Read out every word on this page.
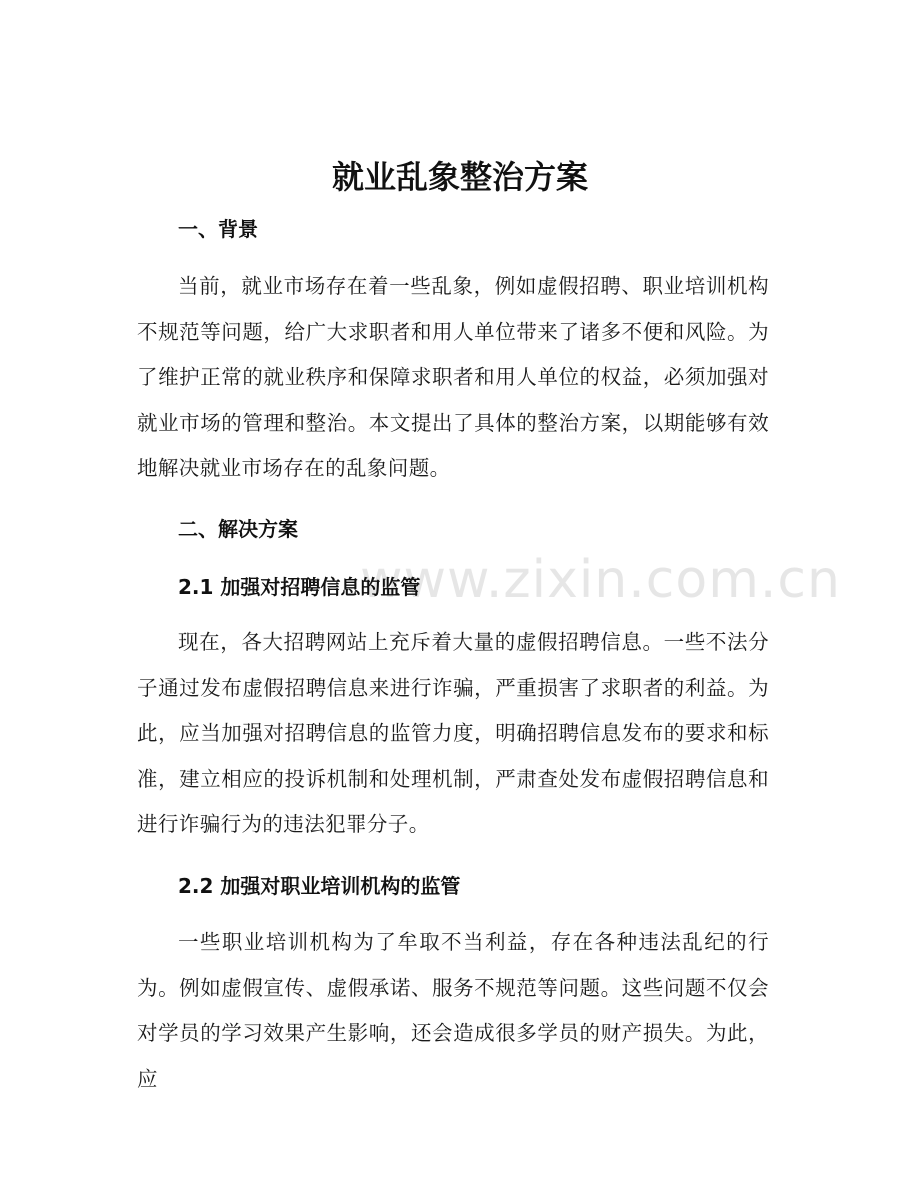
www.zixin.com.cn
就业乱象整治方案
一、背景

当前，就业市场存在着一些乱象，例如虚假招聘、职业培训机构不规范等问题，给广大求职者和用人单位带来了诸多不便和风险。为了维护正常的就业秩序和保障求职者和用人单位的权益，必须加强对就业市场的管理和整治。本文提出了具体的整治方案，以期能够有效地解决就业市场存在的乱象问题。

二、解决方案
2.1 加强对招聘信息的监管

现在，各大招聘网站上充斥着大量的虚假招聘信息。一些不法分子通过发布虚假招聘信息来进行诈骗，严重损害了求职者的利益。为此，应当加强对招聘信息的监管力度，明确招聘信息发布的要求和标准，建立相应的投诉机制和处理机制，严肃查处发布虚假招聘信息和进行诈骗行为的违法犯罪分子。

2.2 加强对职业培训机构的监管

一些职业培训机构为了牟取不当利益，存在各种违法乱纪的行为。例如虚假宣传、虚假承诺、服务不规范等问题。这些问题不仅会对学员的学习效果产生影响，还会造成很多学员的财产损失。为此，应
